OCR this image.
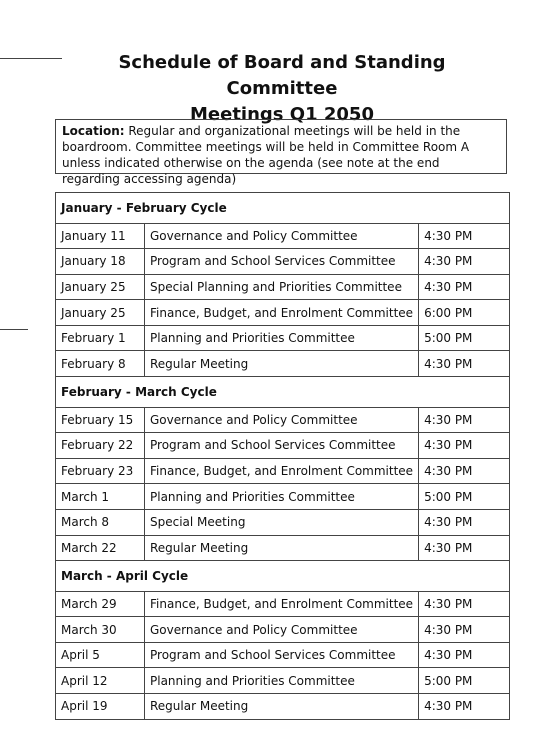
Schedule of Board and Standing Committee
Meetings Q1 2050
Location: Regular and organizational meetings will be held in the boardroom. Committee meetings will be held in Committee Room A unless indicated otherwise on the agenda (see note at the end regarding accessing agenda)
January - February Cycle		
January 11	Governance and Policy Committee	4:30 PM
January 18	Program and School Services Committee	4:30 PM
January 25	Special Planning and Priorities Committee	4:30 PM
January 25	Finance, Budget, and Enrolment Committee	6:00 PM
February 1	Planning and Priorities Committee	5:00 PM
February 8	Regular Meeting	4:30 PM
February - March Cycle		
February 15	Governance and Policy Committee	4:30 PM
February 22	Program and School Services Committee	4:30 PM
February 23	Finance, Budget, and Enrolment Committee	4:30 PM
March 1	Planning and Priorities Committee	5:00 PM
March 8	Special Meeting	4:30 PM
March 22	Regular Meeting	4:30 PM
March - April Cycle		
March 29	Finance, Budget, and Enrolment Committee	4:30 PM
March 30	Governance and Policy Committee	4:30 PM
April 5	Program and School Services Committee	4:30 PM
April 12	Planning and Priorities Committee	5:00 PM
April 19	Regular Meeting	4:30 PM
